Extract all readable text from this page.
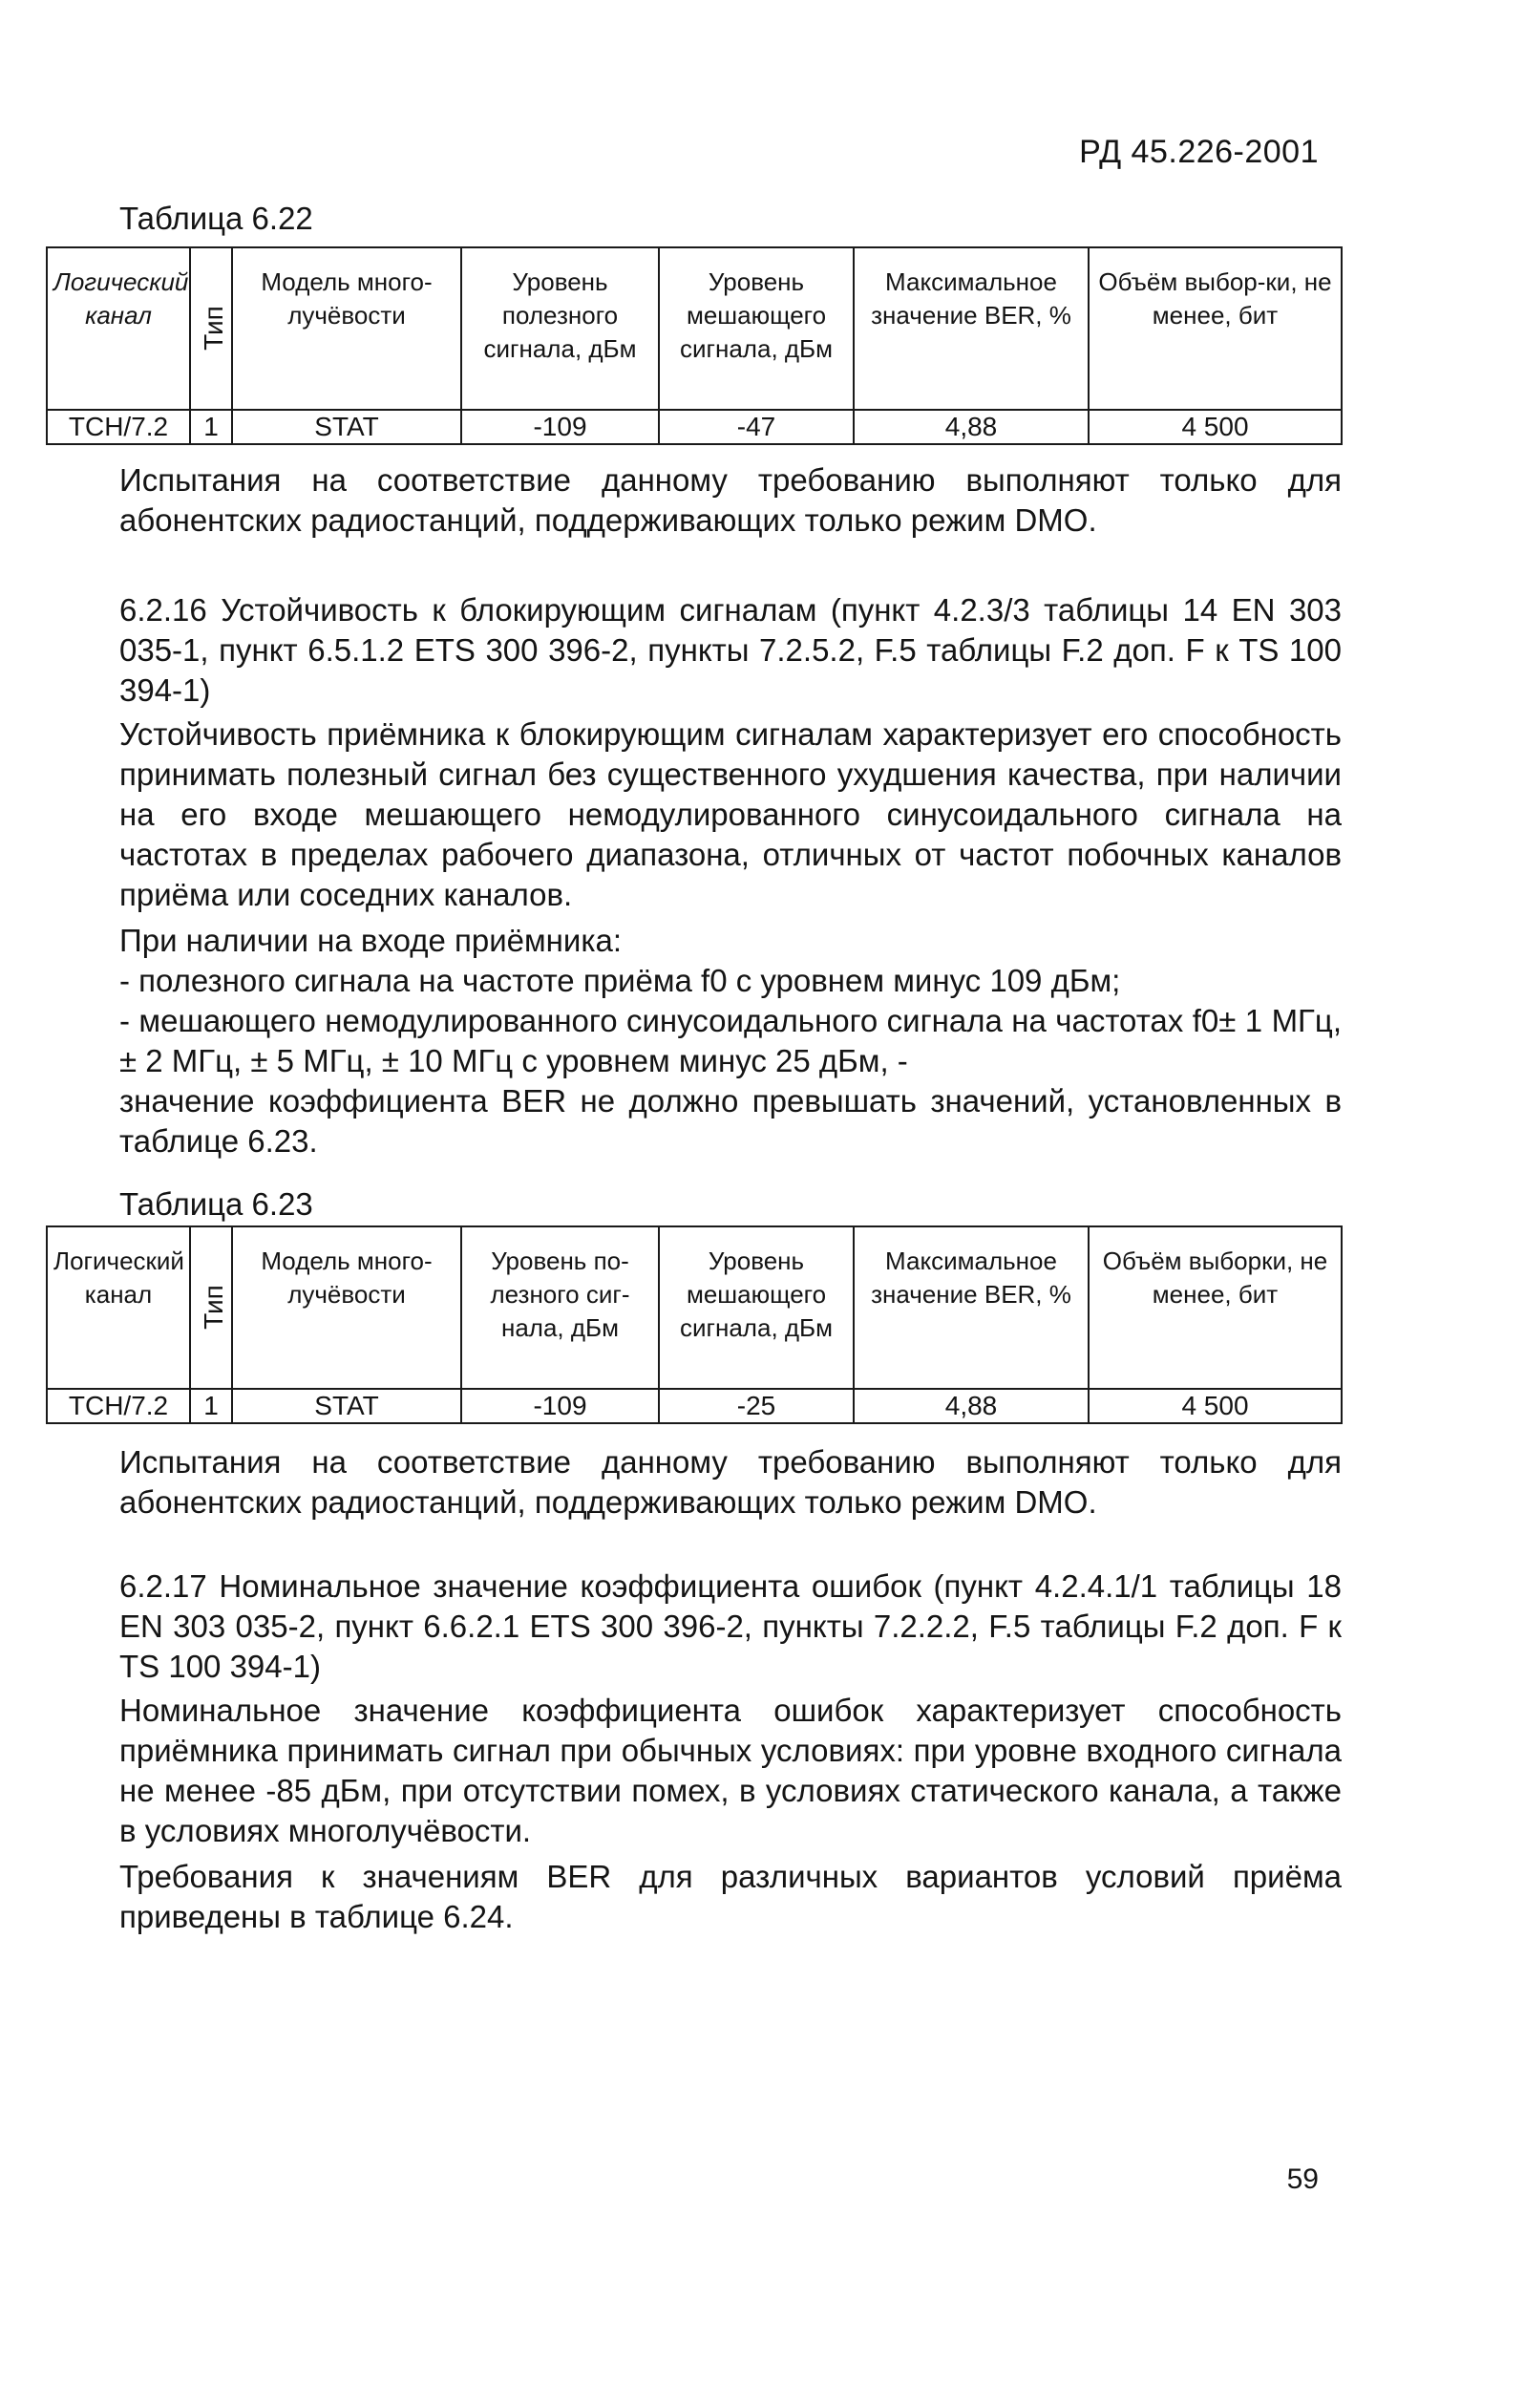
РД 45.226-2001
Таблица 6.22
Логический канал	Тип	Модель много-лучёвости	Уровень полезного сигнала, дБм	Уровень мешающего сигнала, дБм	Максимальное значение BER, %	Объём выбор-ки, не менее, бит
ТСН/7.2	1	STAT	-109	-47	4,88	4 500

Испытания на соответствие данному требованию выполняют только для абонентских радиостанций, поддерживающих только режим DMO.

6.2.16 Устойчивость к блокирующим сигналам (пункт 4.2.3/3 таблицы 14 EN 303 035-1, пункт 6.5.1.2 ETS 300 396-2, пункты 7.2.5.2, F.5 таблицы F.2 доп. F к TS 100 394-1)

Устойчивость приёмника к блокирующим сигналам характеризует его способность принимать полезный сигнал без существенного ухудшения качества, при наличии на его входе мешающего немодулированного синусоидального сигнала на частотах в пределах рабочего диапазона, отличных от частот побочных каналов приёма или соседних каналов.

При наличии на входе приёмника:

- полезного сигнала на частоте приёма f0 с уровнем минус 109 дБм;

- мешающего немодулированного синусоидального сигнала на частотах f0± 1 МГц, ± 2 МГц, ± 5 МГц, ± 10 МГц с уровнем минус 25 дБм, -

значение коэффициента BER не должно превышать значений, установленных в таблице 6.23.

Таблица 6.23
Логический канал	Тип	Модель много-лучёвости	Уровень по-лезного сиг-нала, дБм	Уровень мешающего сигнала, дБм	Максимальное значение BER, %	Объём выборки, не менее, бит
ТСН/7.2	1	STAT	-109	-25	4,88	4 500

Испытания на соответствие данному требованию выполняют только для абонентских радиостанций, поддерживающих только режим DMO.

6.2.17 Номинальное значение коэффициента ошибок (пункт 4.2.4.1/1 таблицы 18 EN 303 035-2, пункт 6.6.2.1 ETS 300 396-2, пункты 7.2.2.2, F.5 таблицы F.2 доп. F к TS 100 394-1)

Номинальное значение коэффициента ошибок характеризует способность приёмника принимать сигнал при обычных условиях: при уровне входного сигнала не менее -85 дБм, при отсутствии помех, в условиях статического канала, а также в условиях многолучёвости.

Требования к значениям BER для различных вариантов условий приёма приведены в таблице 6.24.

59
